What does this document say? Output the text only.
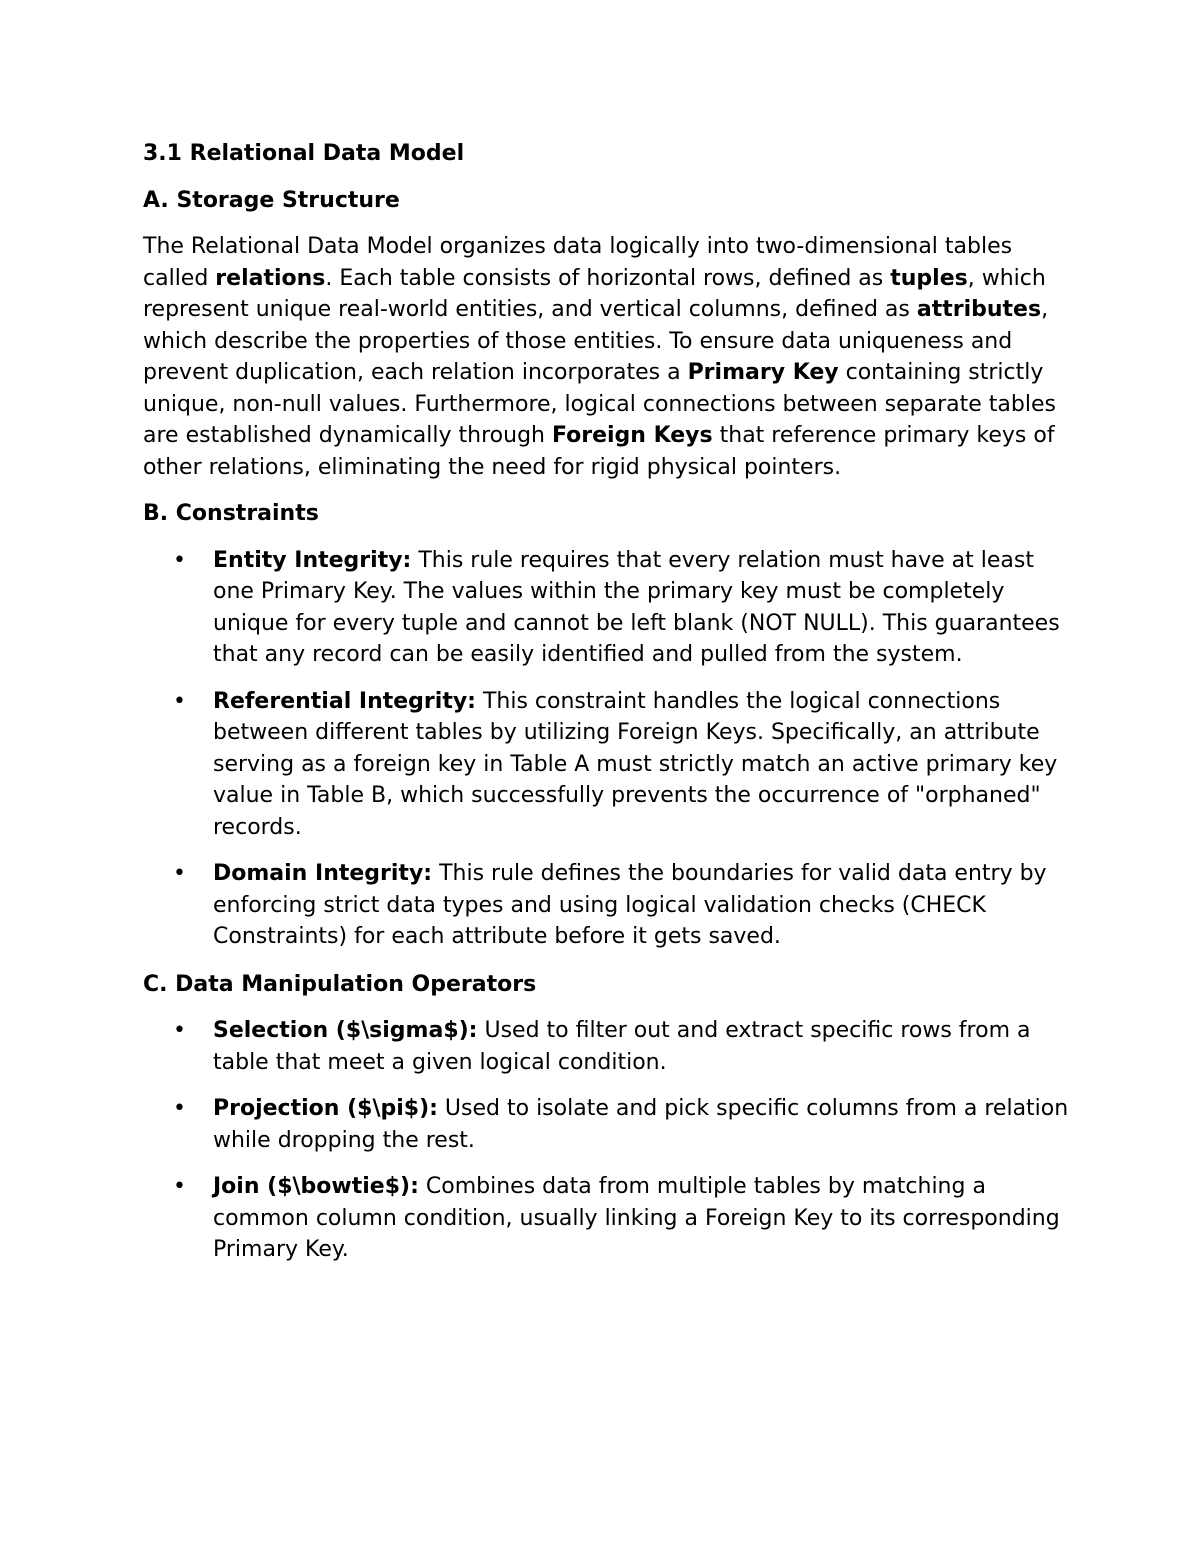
3.1 Relational Data Model
A. Storage Structure

The Relational Data Model organizes data logically into two-dimensional tables called relations. Each table consists of horizontal rows, defined as tuples, which represent unique real-world entities, and vertical columns, defined as attributes, which describe the properties of those entities. To ensure data uniqueness and prevent duplication, each relation incorporates a Primary Key containing strictly unique, non-null values. Furthermore, logical connections between separate tables are established dynamically through Foreign Keys that reference primary keys of other relations, eliminating the need for rigid physical pointers.

B. Constraints
• Entity Integrity: This rule requires that every relation must have at least one Primary Key. The values within the primary key must be completely unique for every tuple and cannot be left blank (NOT NULL). This guarantees that any record can be easily identified and pulled from the system.
• Referential Integrity: This constraint handles the logical connections between different tables by utilizing Foreign Keys. Specifically, an attribute serving as a foreign key in Table A must strictly match an active primary key value in Table B, which successfully prevents the occurrence of "orphaned" records.
• Domain Integrity: This rule defines the boundaries for valid data entry by enforcing strict data types and using logical validation checks (CHECK Constraints) for each attribute before it gets saved.
C. Data Manipulation Operators
• Selection ($\sigma$): Used to filter out and extract specific rows from a table that meet a given logical condition.
• Projection ($\pi$): Used to isolate and pick specific columns from a relation while dropping the rest.
• Join ($\bowtie$): Combines data from multiple tables by matching a common column condition, usually linking a Foreign Key to its corresponding Primary Key.
